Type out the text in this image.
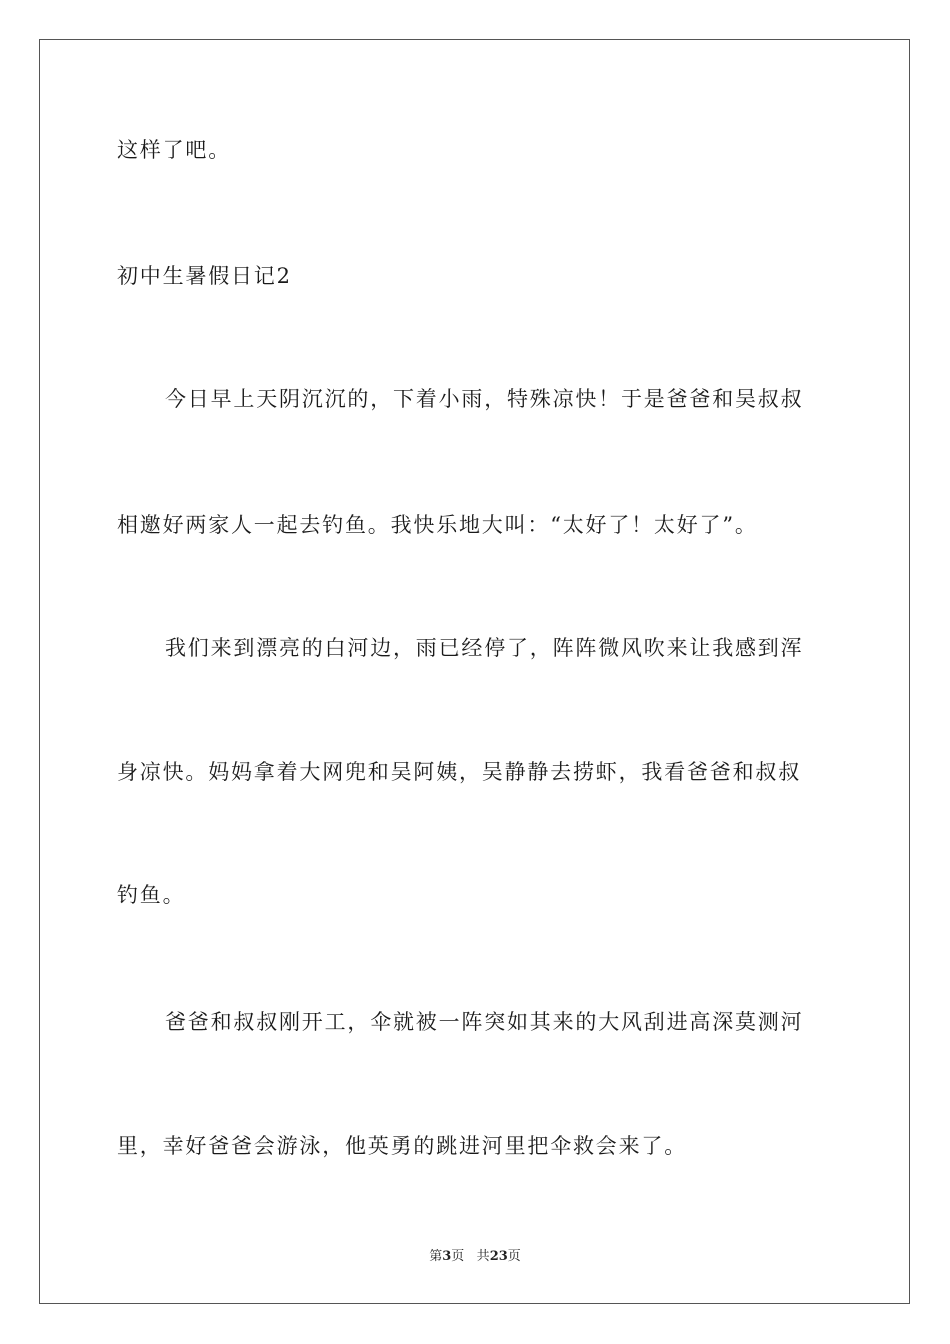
这样了吧。
初中生暑假日记2
今日早上天阴沉沉的，下着小雨，特殊凉快！于是爸爸和吴叔叔
相邀好两家人一起去钓鱼。我快乐地大叫：“太好了！太好了”。
我们来到漂亮的白河边，雨已经停了，阵阵微风吹来让我感到浑
身凉快。妈妈拿着大网兜和吴阿姨，吴静静去捞虾，我看爸爸和叔叔
钓鱼。
爸爸和叔叔刚开工，伞就被一阵突如其来的大风刮进高深莫测河
里，幸好爸爸会游泳，他英勇的跳进河里把伞救会来了。
第3页 共23页
